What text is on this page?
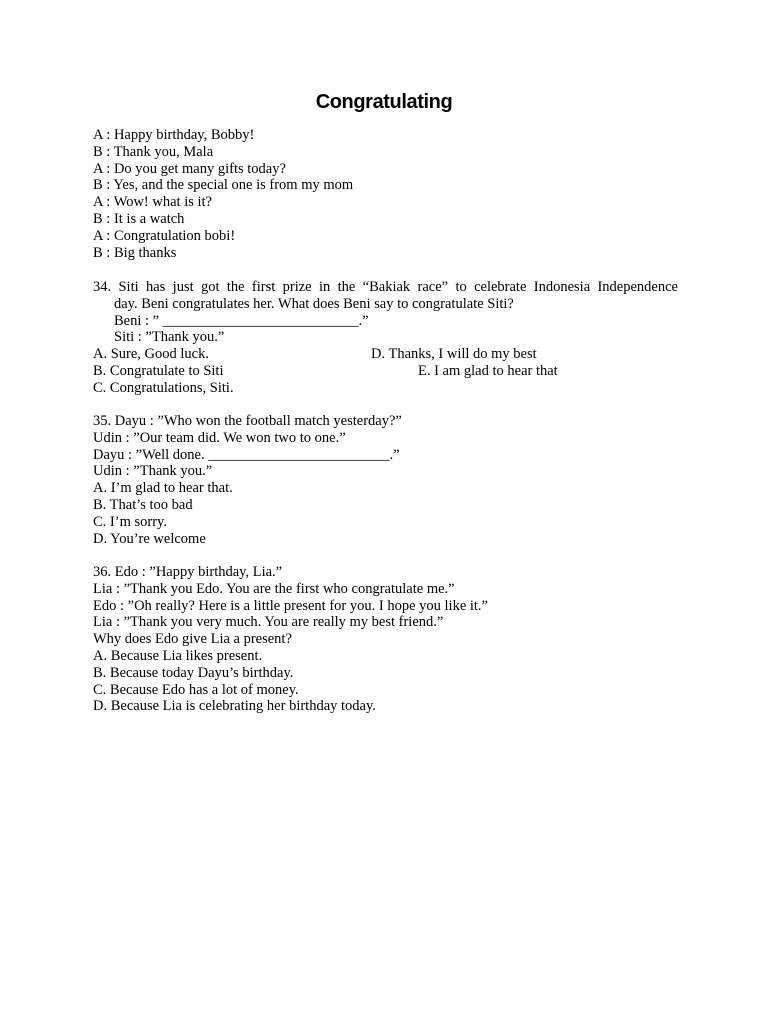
Congratulating
A : Happy birthday, Bobby!
B : Thank you, Mala
A : Do you get many gifts today?
B : Yes, and the special one is from my mom
A : Wow! what is it?
B : It is a watch
A : Congratulation bobi!
B : Big thanks
34. Siti has just got the first prize in the “Bakiak race” to celebrate Indonesia Independence
day. Beni congratulates her. What does Beni say to congratulate Siti?
Beni : ” ___________________________.”
Siti : ”Thank you.”
A. Sure, Good luck.	D. Thanks, I will do my best
B. Congratulate to Siti	E. I am glad to hear that
C. Congratulations, Siti.
35. Dayu : ”Who won the football match yesterday?”
Udin : ”Our team did. We won two to one.”
Dayu : ”Well done. _________________________.”
Udin : ”Thank you.”
A. I’m glad to hear that.
B. That’s too bad
C. I’m sorry.
D. You’re welcome
36. Edo : ”Happy birthday, Lia.”
Lia : ”Thank you Edo. You are the first who congratulate me.”
Edo : ”Oh really? Here is a little present for you. I hope you like it.”
Lia : ”Thank you very much. You are really my best friend.”
Why does Edo give Lia a present?
A. Because Lia likes present.
B. Because today Dayu’s birthday.
C. Because Edo has a lot of money.
D. Because Lia is celebrating her birthday today.
